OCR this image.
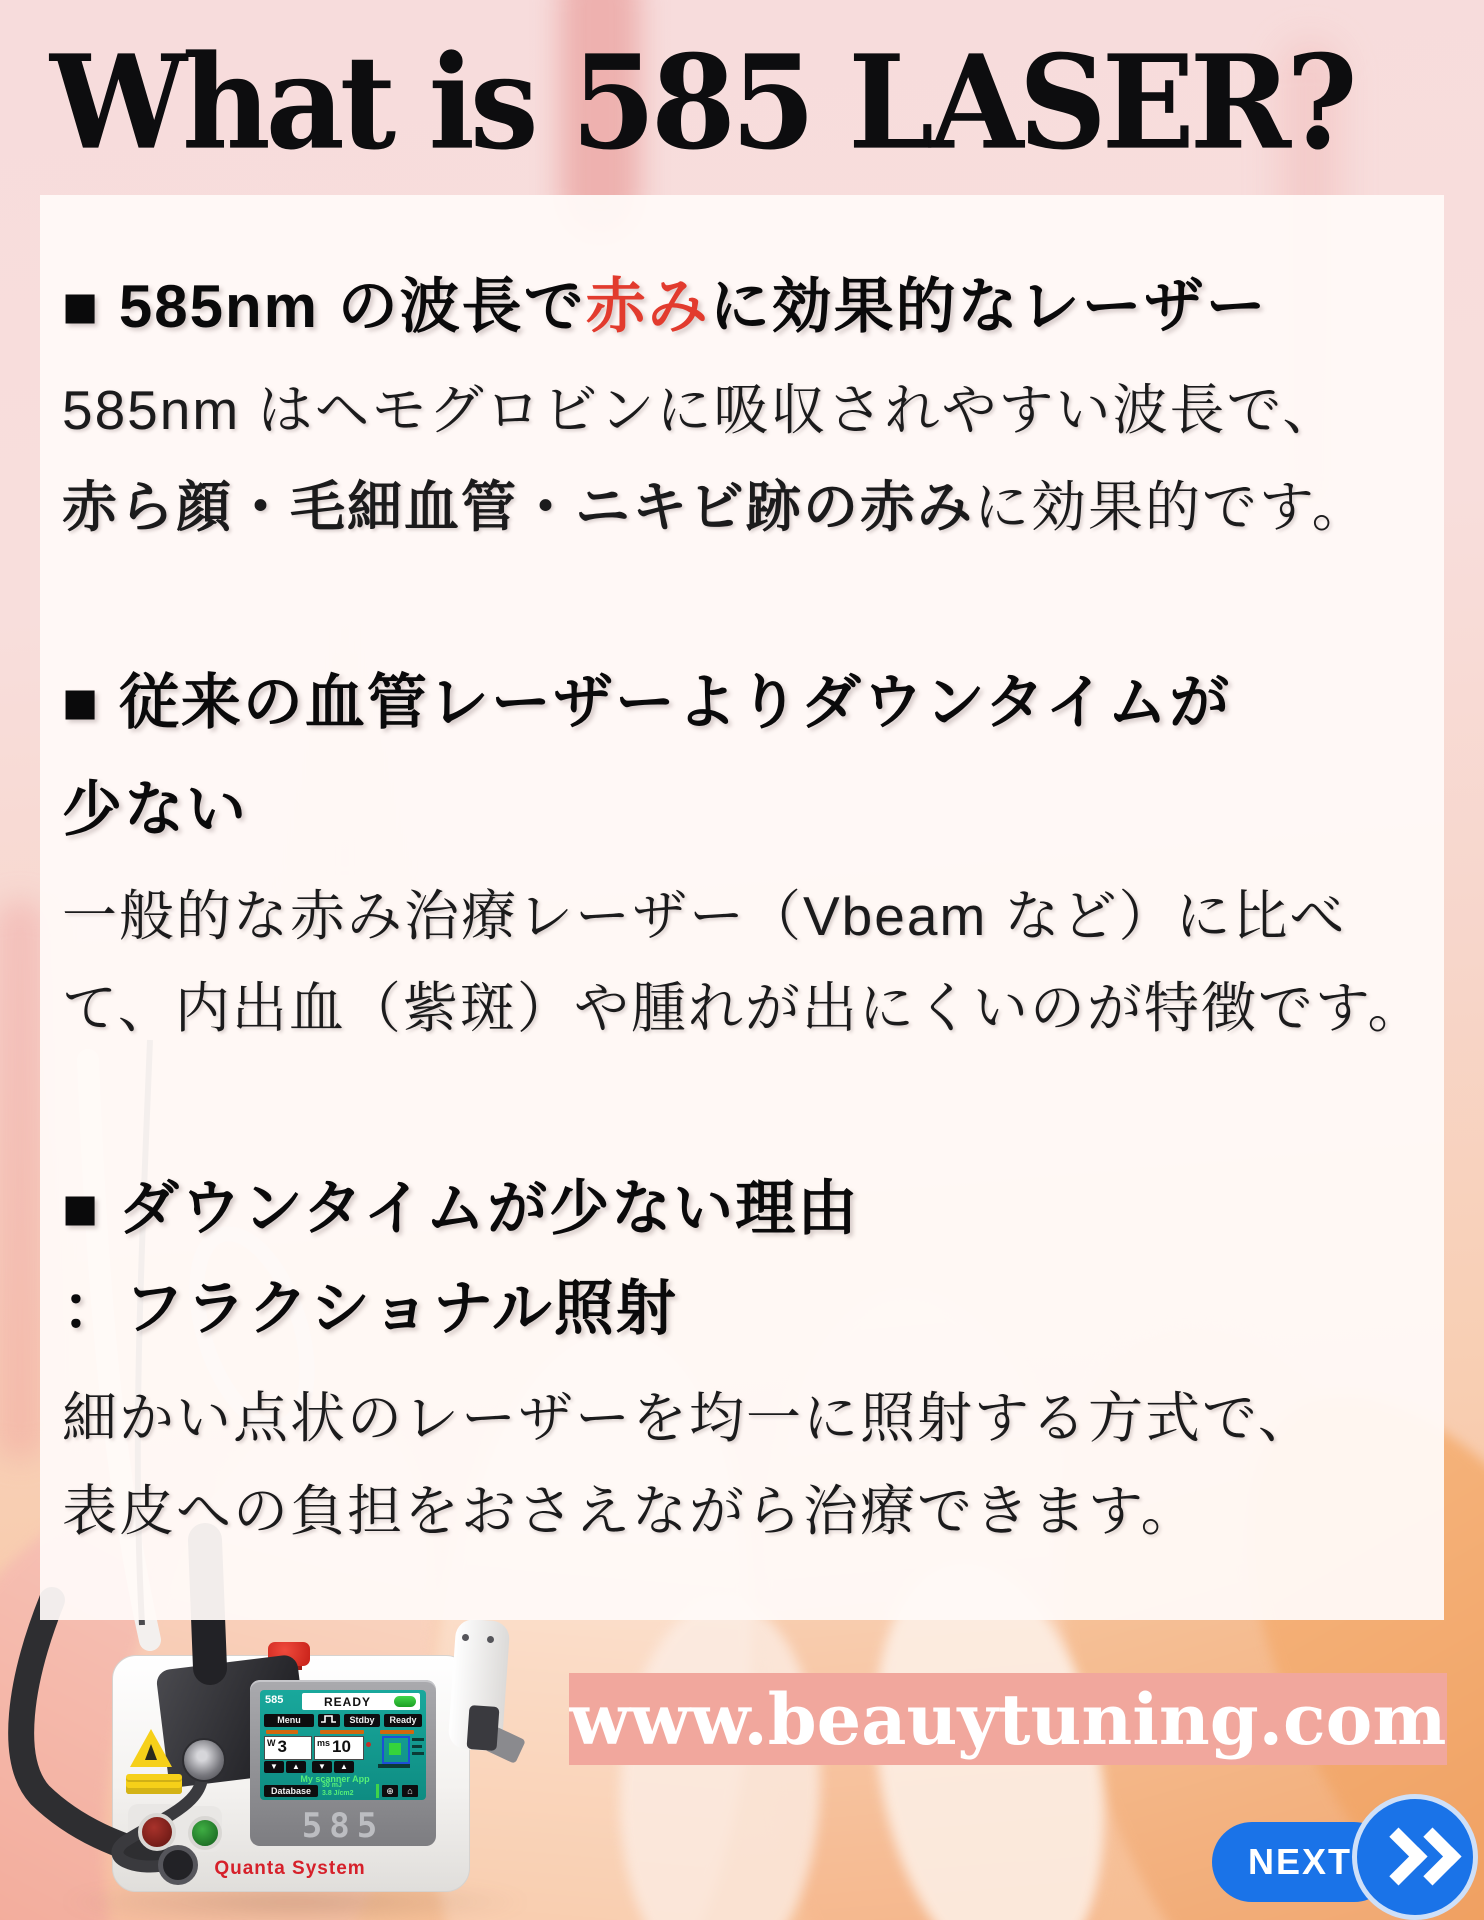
585	READY
Menu	Stdby	Ready
$^W$ 3	$^{ms}$ 10
▼	▲	▼	▲
My scanner App
Database
30 mJ
3.8 J/cm2	⊕	⌂
585
Quanta System
What is 585 LASER?
■ 585nm の波長で赤みに効果的なレーザー
585nm はヘモグロビンに吸収されやすい波長で、
赤ら顔・毛細血管・ニキビ跡の赤みに効果的です。
■ 従来の血管レーザーよりダウンタイムが
少ない
一般的な赤み治療レーザー（Vbeam など）に比べ
て、内出血（紫斑）や腫れが出にくいのが特徴です。
■ ダウンタイムが少ない理由
：フラクショナル照射
細かい点状のレーザーを均一に照射する方式で、
表皮への負担をおさえながら治療できます。
www.beauytuning.com
NEXT
